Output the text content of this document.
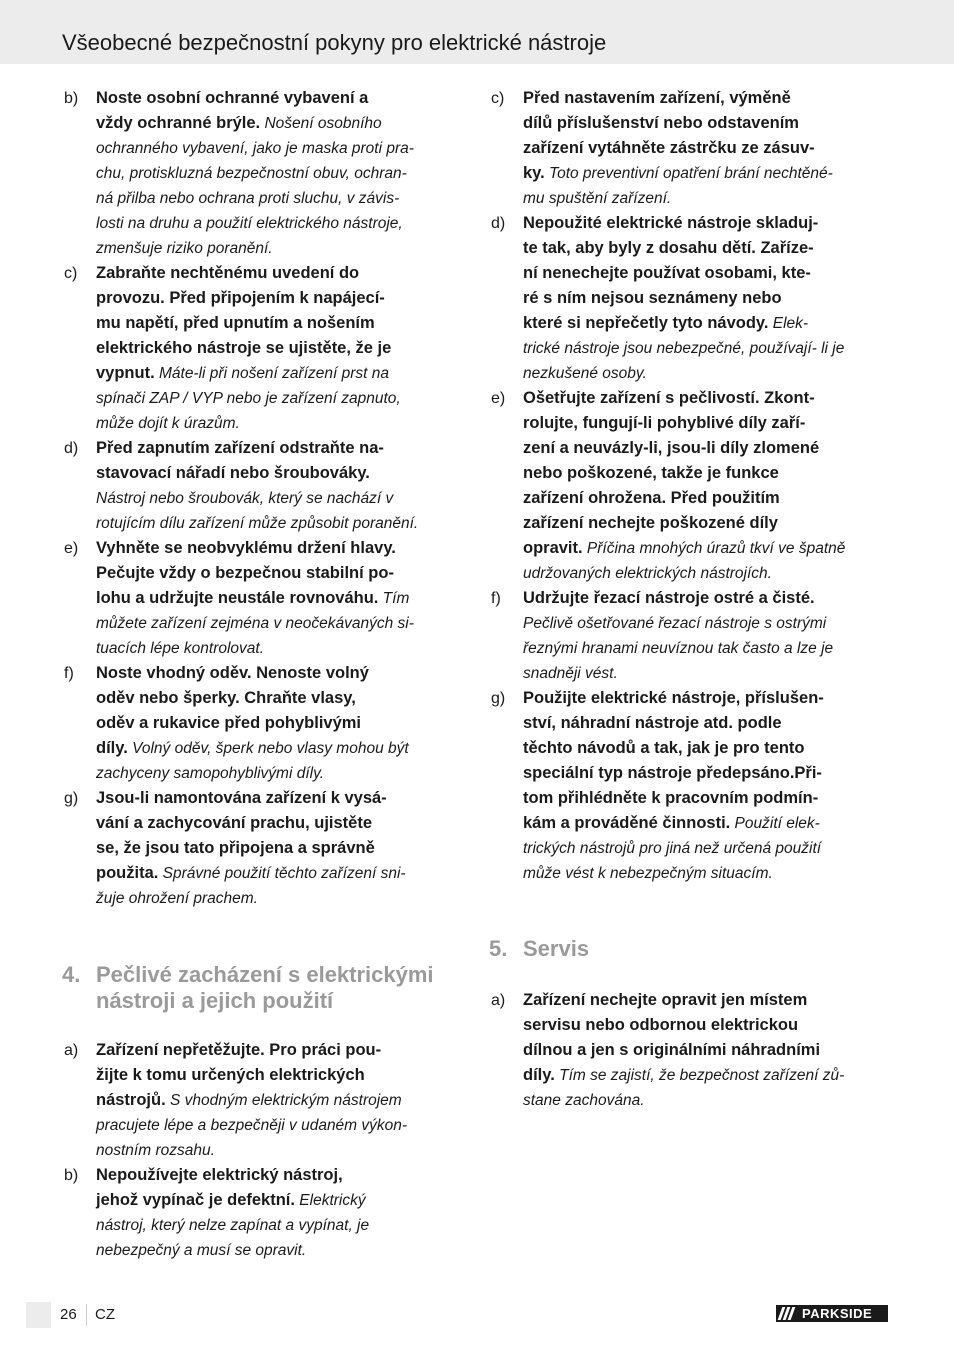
Všeobecné bezpečnostní pokyny pro elektrické nástroje
b) Noste osobní ochranné vybavení a
vždy ochranné brýle. Nošení osobního
ochranného vybavení, jako je maska proti pra-
chu, protiskluzná bezpečnostní obuv, ochran-
ná přilba nebo ochrana proti sluchu, v závis-
losti na druhu a použití elektrického nástroje,
zmenšuje riziko poranění.
c) Zabraňte nechtěnému uvedení do
provozu. Před připojením k napájecí-
mu napětí, před upnutím a nošením
elektrického nástroje se ujistěte, že je
vypnut. Máte-li při nošení zařízení prst na
spínači ZAP / VYP nebo je zařízení zapnuto,
může dojít k úrazům.
d) Před zapnutím zařízení odstraňte na-
stavovací nářadí nebo šroubováky.
Nástroj nebo šroubovák, který se nachází v
rotujícím dílu zařízení může způsobit poranění.
e) Vyhněte se neobvyklému držení hlavy.
Pečujte vždy o bezpečnou stabilní po-
lohu a udržujte neustále rovnováhu. Tím
můžete zařízení zejména v neočekávaných si-
tuacích lépe kontrolovat.
f) Noste vhodný oděv. Nenoste volný
oděv nebo šperky. Chraňte vlasy,
oděv a rukavice před pohyblivými
díly. Volný oděv, šperk nebo vlasy mohou být
zachyceny samopohyblivými díly.
g) Jsou-li namontována zařízení k vysá-
vání a zachycování prachu, ujistěte
se, že jsou tato připojena a správně
použita. Správné použití těchto zařízení sni-
žuje ohrožení prachem.
4. Pečlivé zacházení s elektrickými
nástroji a jejich použití
a) Zařízení nepřetěžujte. Pro práci pou-
žijte k tomu určených elektrických
nástrojů. S vhodným elektrickým nástrojem
pracujete lépe a bezpečněji v udaném výkon-
nostním rozsahu.
b) Nepoužívejte elektrický nástroj,
jehož vypínač je defektní. Elektrický
nástroj, který nelze zapínat a vypínat, je
nebezpečný a musí se opravit.
c) Před nastavením zařízení, výměně
dílů příslušenství nebo odstavením
zařízení vytáhněte zástrčku ze zásuv-
ky. Toto preventivní opatření brání nechtěné-
mu spuštění zařízení.
d) Nepoužité elektrické nástroje skladuj-
te tak, aby byly z dosahu dětí. Zaříze-
ní nenechejte používat osobami, kte-
ré s ním nejsou seznámeny nebo
které si nepřečetly tyto návody. Elek-
trické nástroje jsou nebezpečné, používají- li je
nezkušené osoby.
e) Ošetřujte zařízení s pečlivostí. Zkont-
rolujte, fungují-li pohyblivé díly zaří-
zení a neuvázly-li, jsou-li díly zlomené
nebo poškozené, takže je funkce
zařízení ohrožena. Před použitím
zařízení nechejte poškozené díly
opravit. Příčina mnohých úrazů tkví ve špatně
udržovaných elektrických nástrojích.
f) Udržujte řezací nástroje ostré a čisté.
Pečlivě ošetřované řezací nástroje s ostrými
řeznými hranami neuvíznou tak často a lze je
snadněji vést.
g) Použijte elektrické nástroje, příslušen-
ství, náhradní nástroje atd. podle
těchto návodů a tak, jak je pro tento
speciální typ nástroje předepsáno.Při-
tom přihlédněte k pracovním podmín-
kám a prováděné činnosti. Použití elek-
trických nástrojů pro jiná než určená použití
může vést k nebezpečným situacím.
5. Servis
a) Zařízení nechejte opravit jen místem
servisu nebo odbornou elektrickou
dílnou a jen s originálními náhradními
díly. Tím se zajistí, že bezpečnost zařízení zů-
stane zachována.
26 CZ	PARKSIDE
